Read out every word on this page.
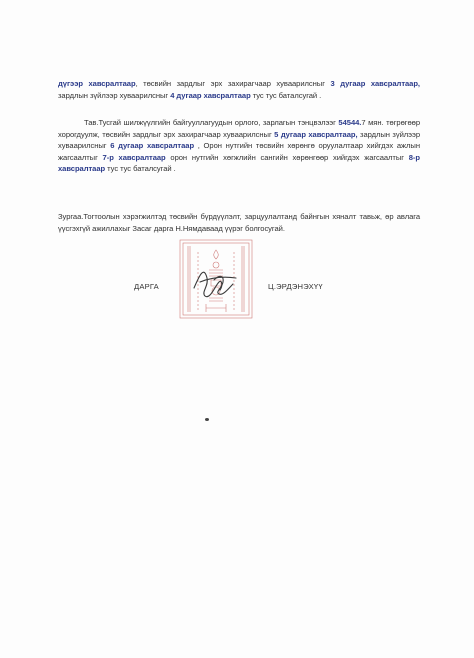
дүгээр хавсралтаар, төсвийн зардлыг эрх захирагчаар хуваарилсныг 3 дугаар хавсралтаар, зардлын зүйлээр хуваарилсныг 4 дугаар хавсралтаар тус тус баталсугай .
Тав.Тусгай шилжүүлгийн байгууллагуудын орлого, зарлагын тэнцвэлээг 54544.7 мян. төгрөгөөр хорогдуулж, төсвийн зардлыг эрх захирагчаар хуваарилсныг 5 дугаар хавсралтаар, зардлын зүйлээр хуваарилсныг 6 дугаар хавсралтаар , Орон нутгийн төсвийн хөрөнгө оруулалтаар хийгдэх ажлын жагсаалтыг 7-р хавсралтаар орон нутгийн хөгжлийн сангийн хөрөнгөөр хийгдэх жагсаалтыг 8-р хавсралтаар тус тус баталсугай .
Зургаа.Тогтоолын хэрэгжилтэд төсвийн бүрдүүлэлт, зарцуулалтанд байнгын хяналт тавьж, өр авлага үүсгэхгүй ажиллахыг Засаг дарга Н.Нямдаваад үүрэг болгосугай.
ДАРГА	Ц.ЭРДЭНЭХҮҮ
